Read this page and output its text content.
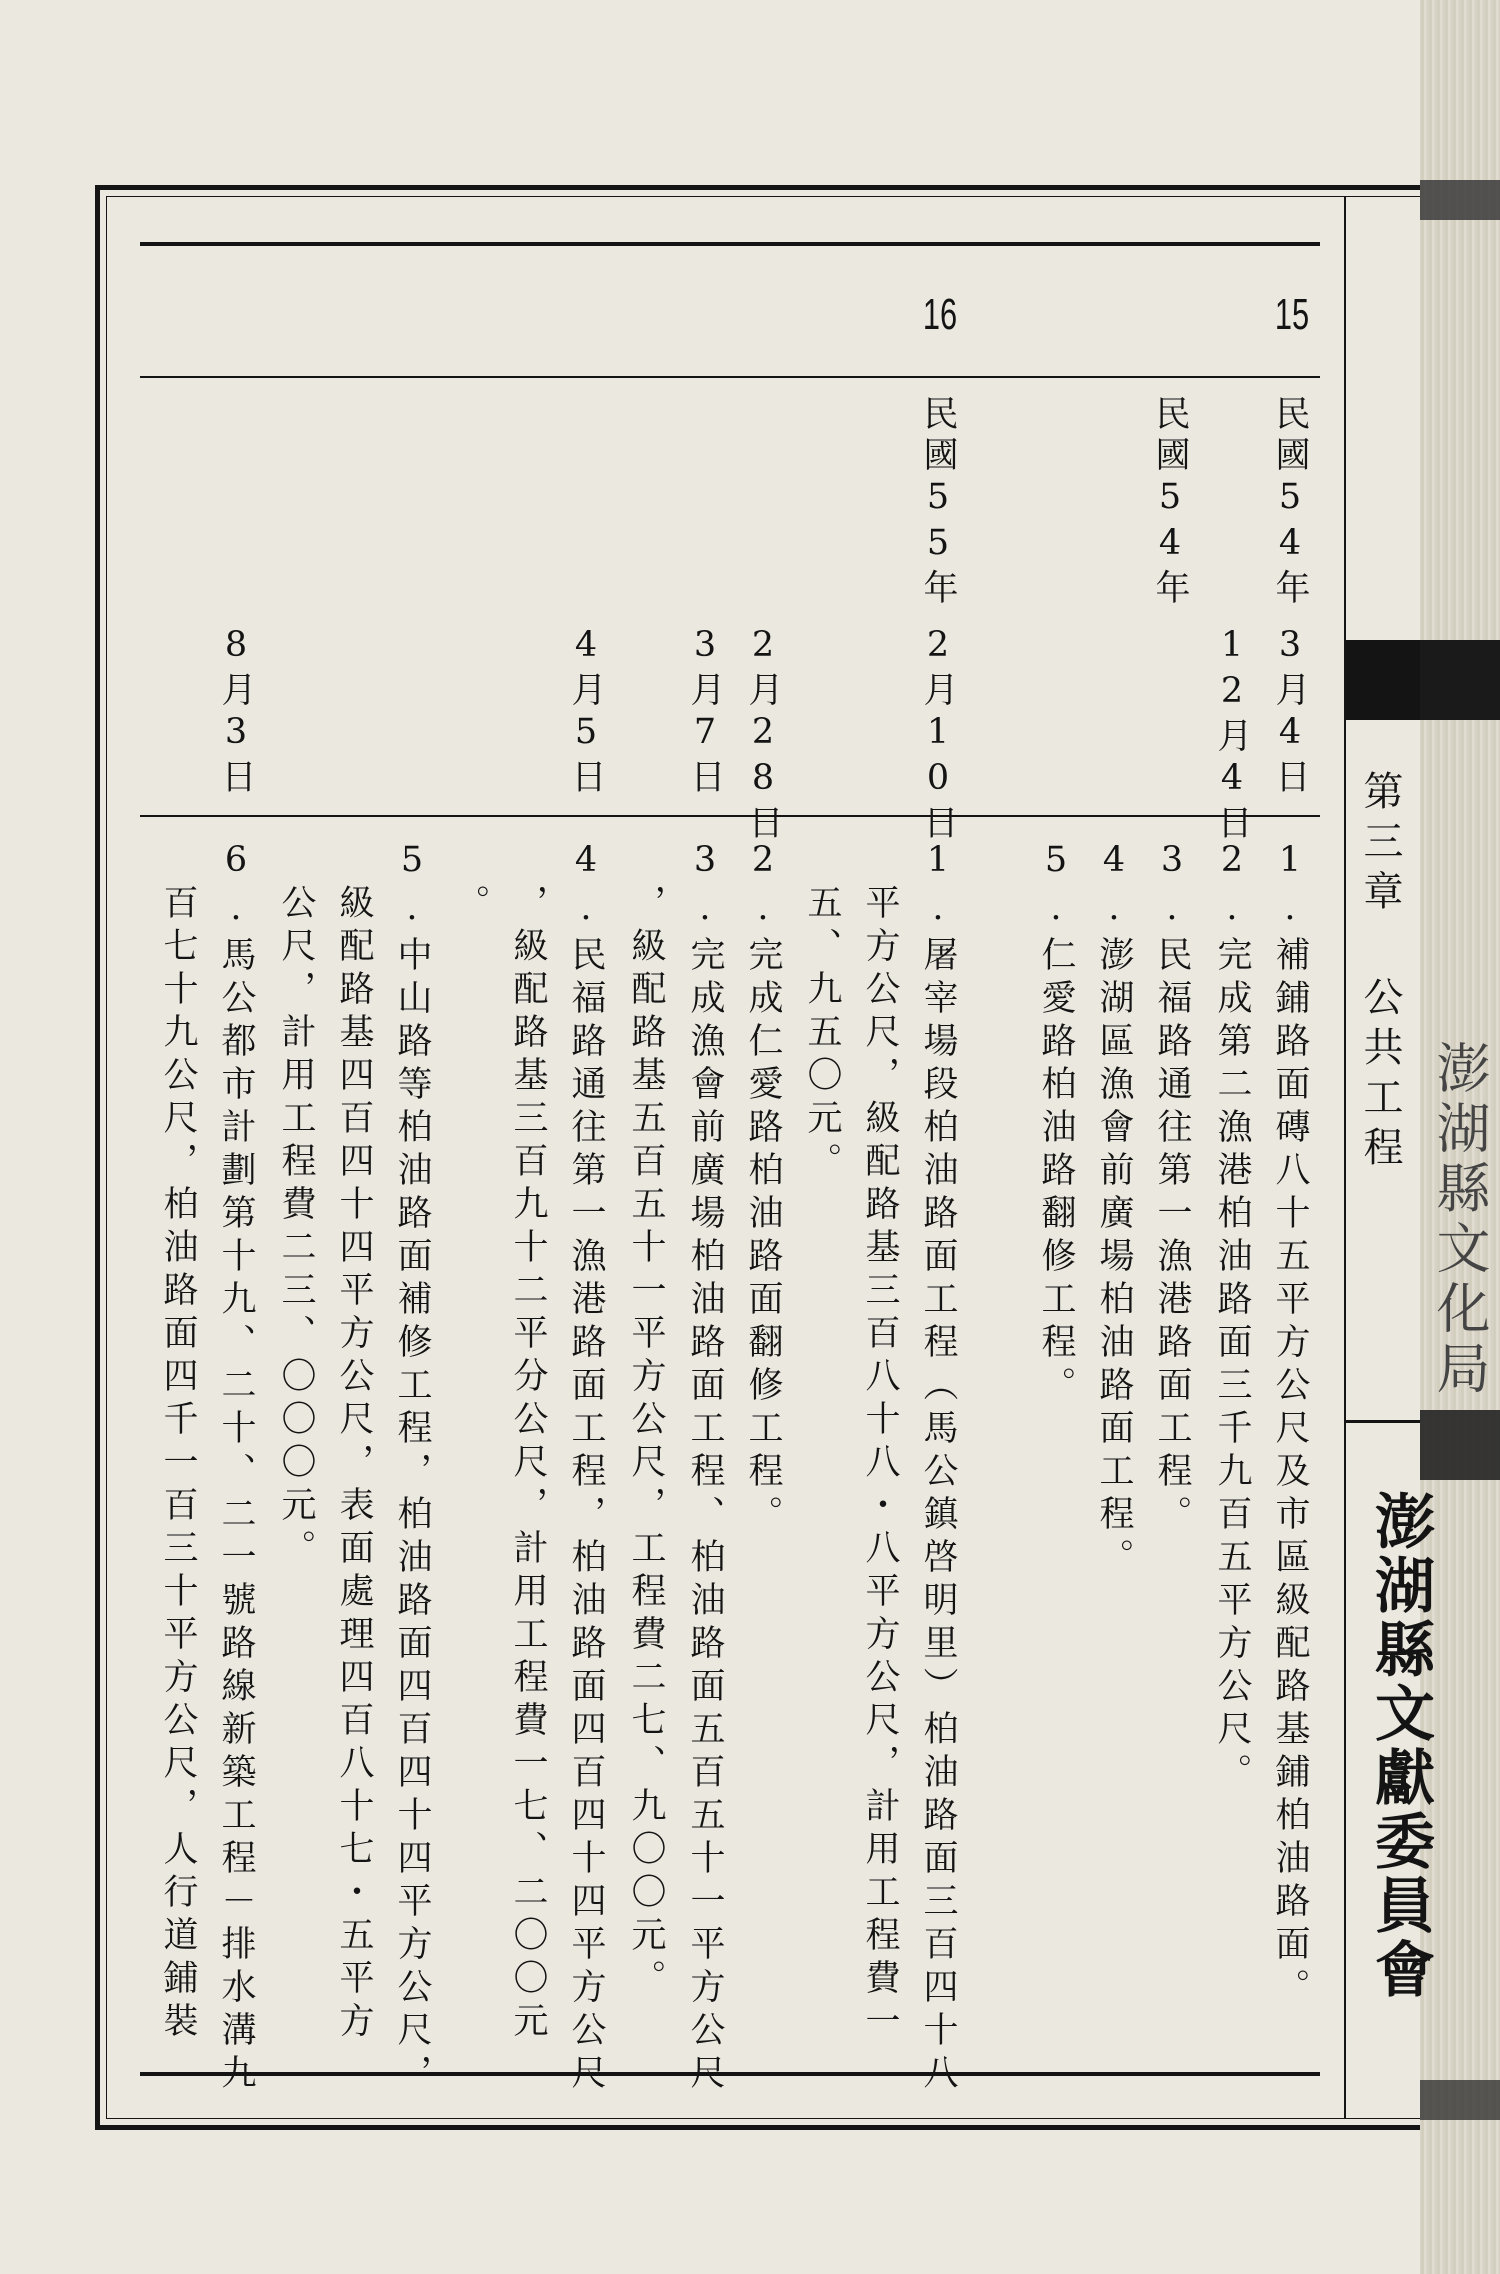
第三章 公共工程
澎湖縣文化局
澎湖縣文獻委員會
15
16
民國54年
民國54年
民國55年
3月4日
12月4日
2月10日
2月28日
3月7日
4月5日
8月3日
1.補鋪路面磚八十五平方公尺及市區級配路基鋪柏油路面。
2.完成第二漁港柏油路面三千九百五平方公尺。
3.民福路通往第一漁港路面工程。
4.澎湖區漁會前廣場柏油路面工程。
5.仁愛路柏油路翻修工程。
1.屠宰場段柏油路面工程（馬公鎮啓明里）柏油路面三百四十八
平方公尺，級配路基三百八十八・八平方公尺，計用工程費一
五、九五〇元。
2.完成仁愛路柏油路面翻修工程。
3.完成漁會前廣場柏油路面工程、柏油路面五百五十一平方公尺
，級配路基五百五十一平方公尺，工程費二七、九〇〇元。
4.民福路通往第一漁港路面工程，柏油路面四百四十四平方公尺
，級配路基三百九十二平分公尺，計用工程費一七、二〇〇元
。
5.中山路等柏油路面補修工程，柏油路面四百四十四平方公尺，
級配路基四百四十四平方公尺，表面處理四百八十七・五平方
公尺，計用工程費二三、〇〇〇元。
6.馬公都市計劃第十九、二十、二一號路線新築工程－排水溝九
百七十九公尺，柏油路面四千一百三十平方公尺，人行道鋪裝
